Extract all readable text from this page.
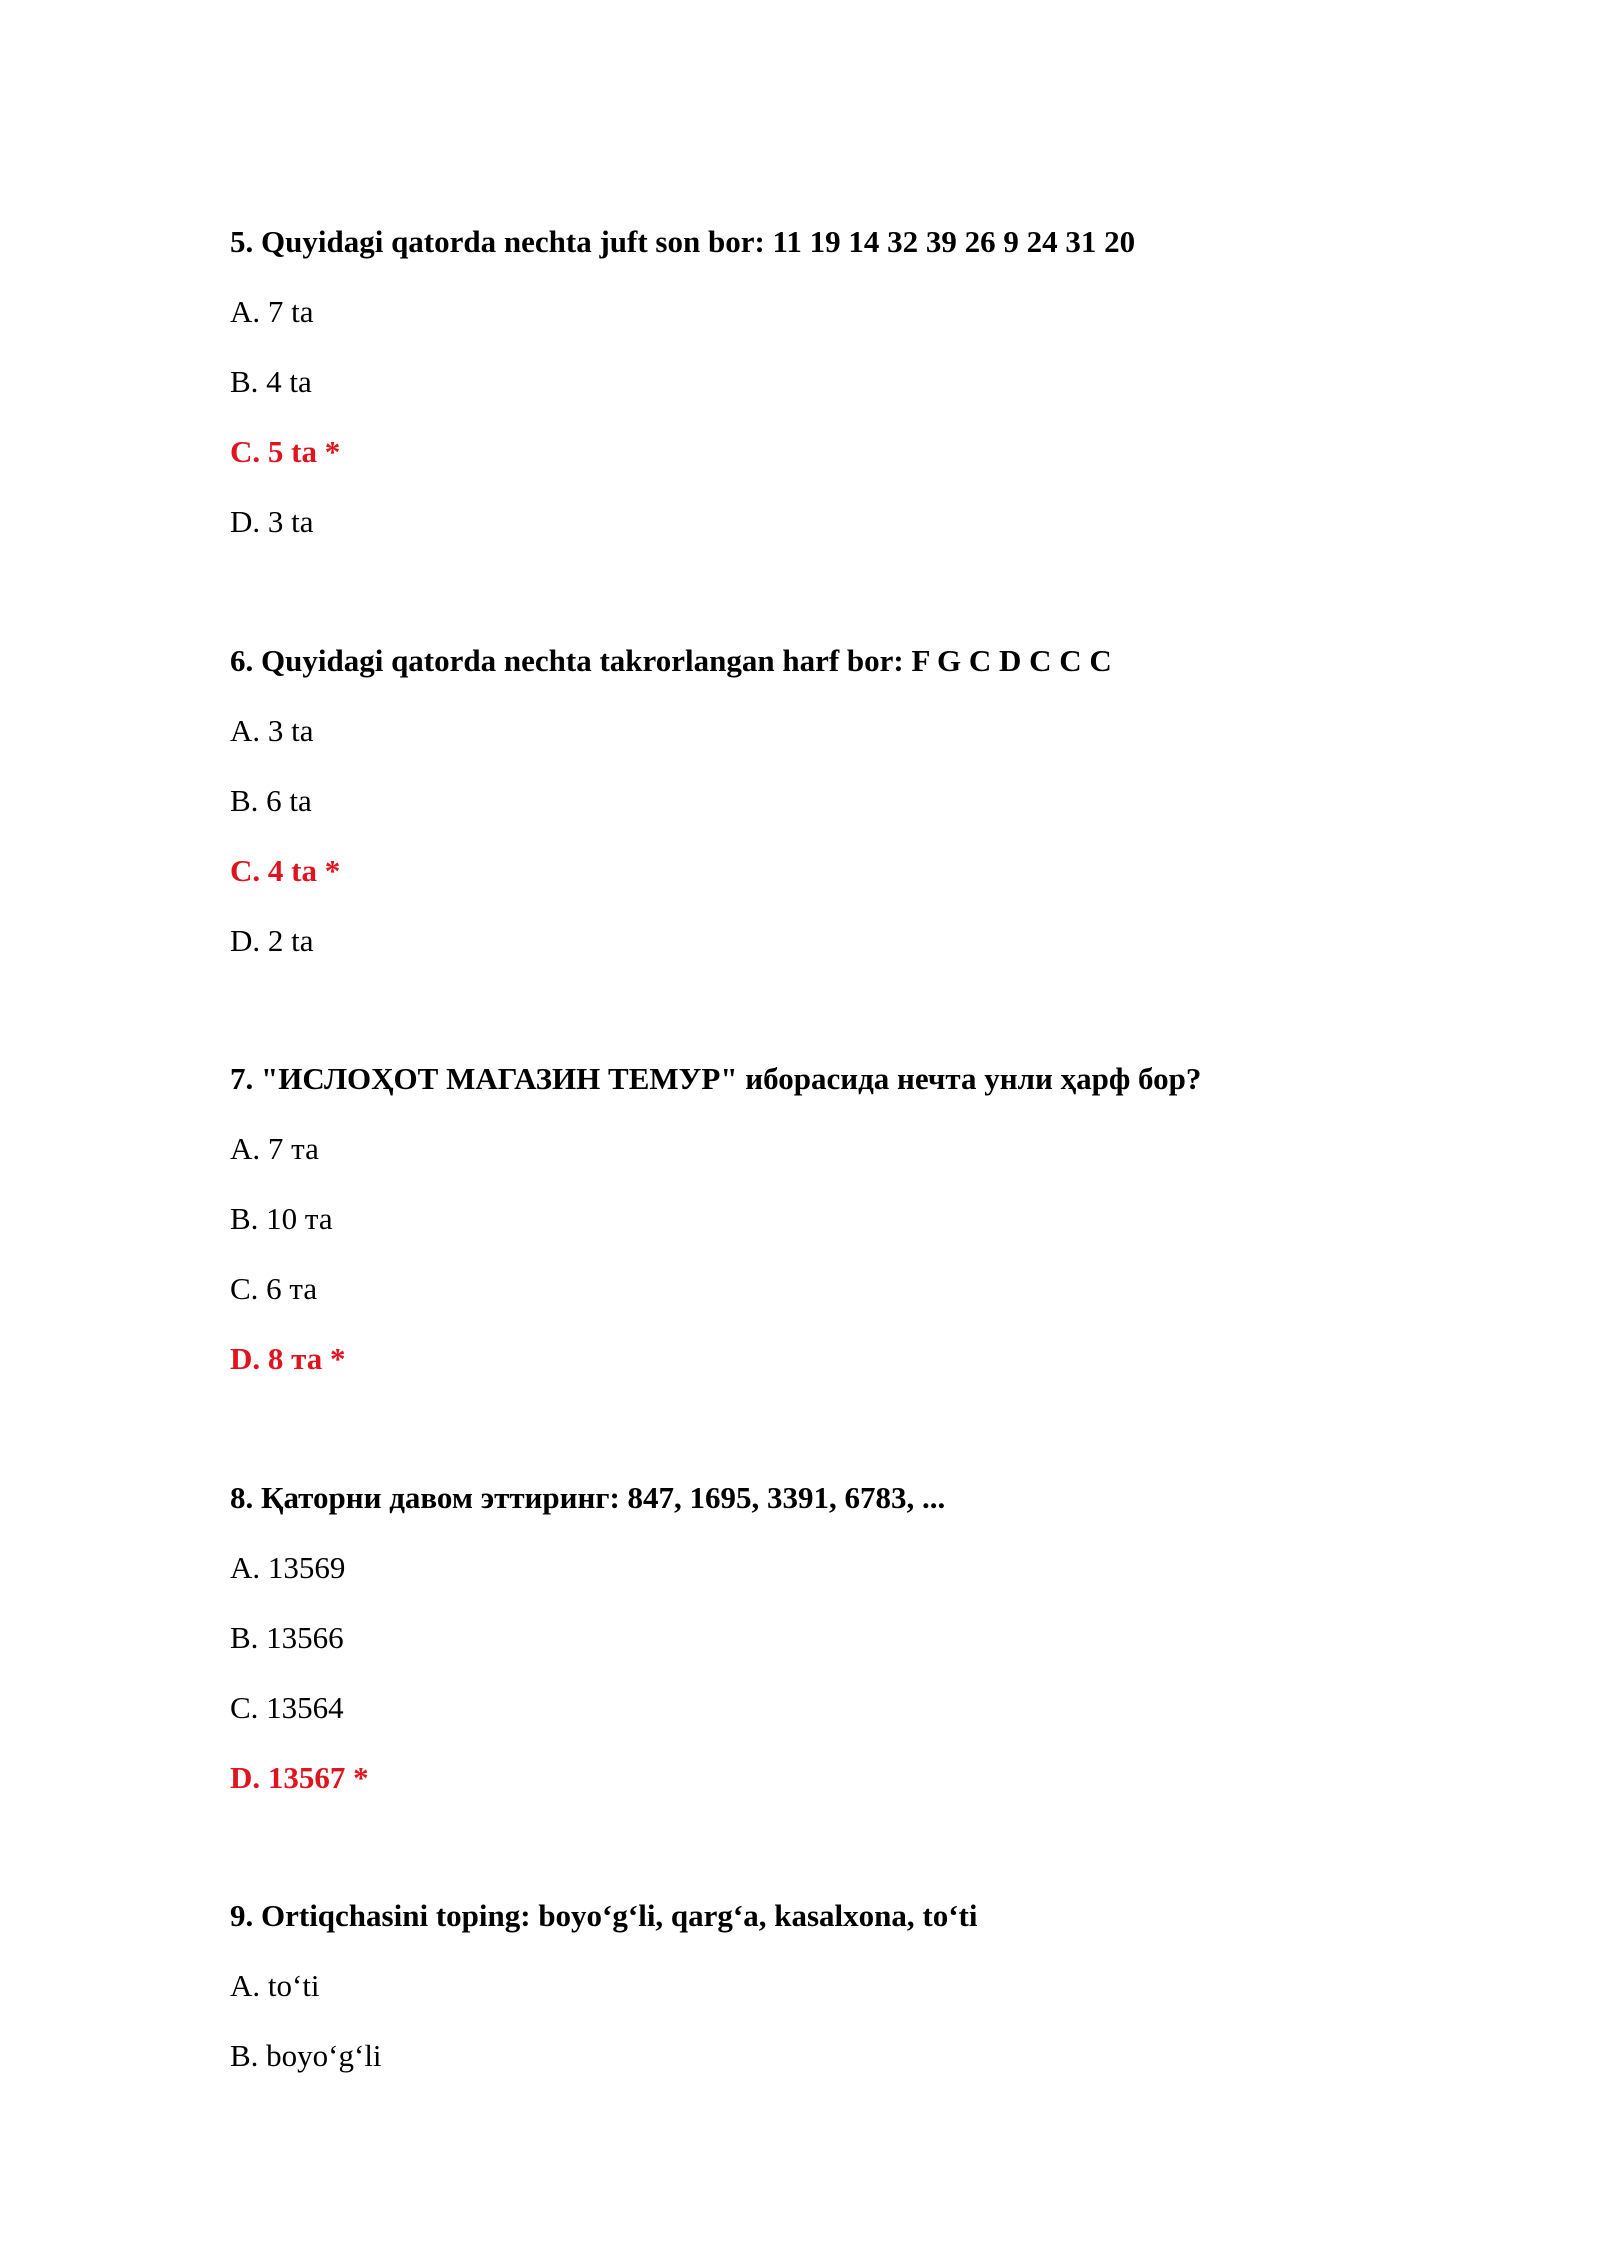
5. Quyidagi qatorda nechta juft son bor: 11 19 14 32 39 26 9 24 31 20

A. 7 ta

B. 4 ta

C. 5 ta *

D. 3 ta

6. Quyidagi qatorda nechta takrorlangan harf bor: F G C D C C C

A. 3 ta

B. 6 ta

C. 4 ta *

D. 2 ta

7. "ИСЛОҲОТ МАГАЗИН ТЕМУР" иборасида нечта унли ҳарф бор?

A. 7 та

B. 10 та

C. 6 та

D. 8 та *

8. Қаторни давом эттиринг: 847, 1695, 3391, 6783, ...

A. 13569

B. 13566

C. 13564

D. 13567 *

9. Ortiqchasini toping: boyo‘g‘li, qarg‘a, kasalxona, to‘ti

A. to‘ti

B. boyo‘g‘li
